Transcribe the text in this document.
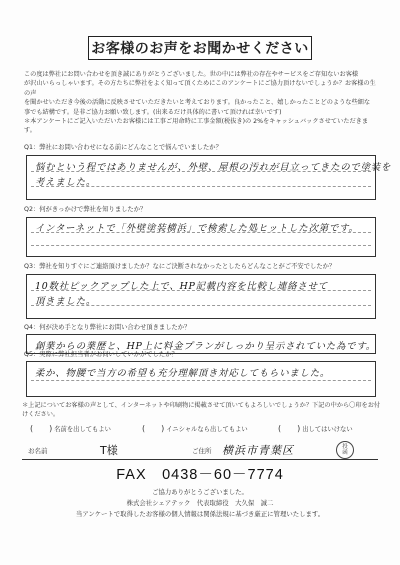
お客様のお声をお聞かせください

この度は弊社にお問い合わせを頂き誠にありがとうございました。世の中には弊社の存在やサービスをご存知ないお客様

が沢山いらっしゃいます。その方たちに弊社をよく知って頂くためにこのアンケートにご協力頂けないでしょうか？お客様の生の声

を聞かせいただき今後の活動に反映させていただきたいと考えております。良かったこと、嬉しかったことどのような些細な

事でも結構です。是非ご協力お願い致します。(出来るだけ具体的に書いて頂ければ幸いです)

＊本アンケートにご記入いただいたお客様には工事ご用命時に工事金額(税抜き)の 2%をキャッシュバックさせていただきます。

Q1：弊社にお問い合わせになる前にどんなことで悩んでいましたか？
悩むという程ではありませんが、外壁、屋根の汚れが目立ってきたので塗装を
考えました。
Q2：何がきっかけで弊社を知りましたか？
インターネットで「外壁塗装横浜」で検索した処ヒットした次第です。
Q3：弊社を知りすぐにご連絡頂けましたか？なにご決断されなかったとしたらどんなことがご不安でしたか？
10数社ピックアップした上で、HP記載内容を比較し連絡させて
頂きました。
Q4：何が決め手となり弊社にお問い合わせ頂きましたか？
創業からの業歴と、HP上に料金プランがしっかり呈示されていた為です。
Q5：実際に弊社担当者がお伺いしていかがでしたか？
柔か、物腰で当方の希望も充分理解頂き対応してもらいました。
＊上記についてお客様の声として、インターネットや印刷物に掲載させて頂いてもよろしいでしょうか？下記の中から〇印をお付けください。
(　　) 名前を出してもよい	(　　) イニシャルなら出してもよい	(　　) 出してはいけない
お名前	T様	ご住所 横浜市青葉区	投函
FAX　0438－60－7774
ご協力ありがとうございました。
株式会社シェアテック　代表取締役　大久保　誠二
当アンケートで取得したお客様の個人情報は関係法規に基づき厳正に管理いたします。
